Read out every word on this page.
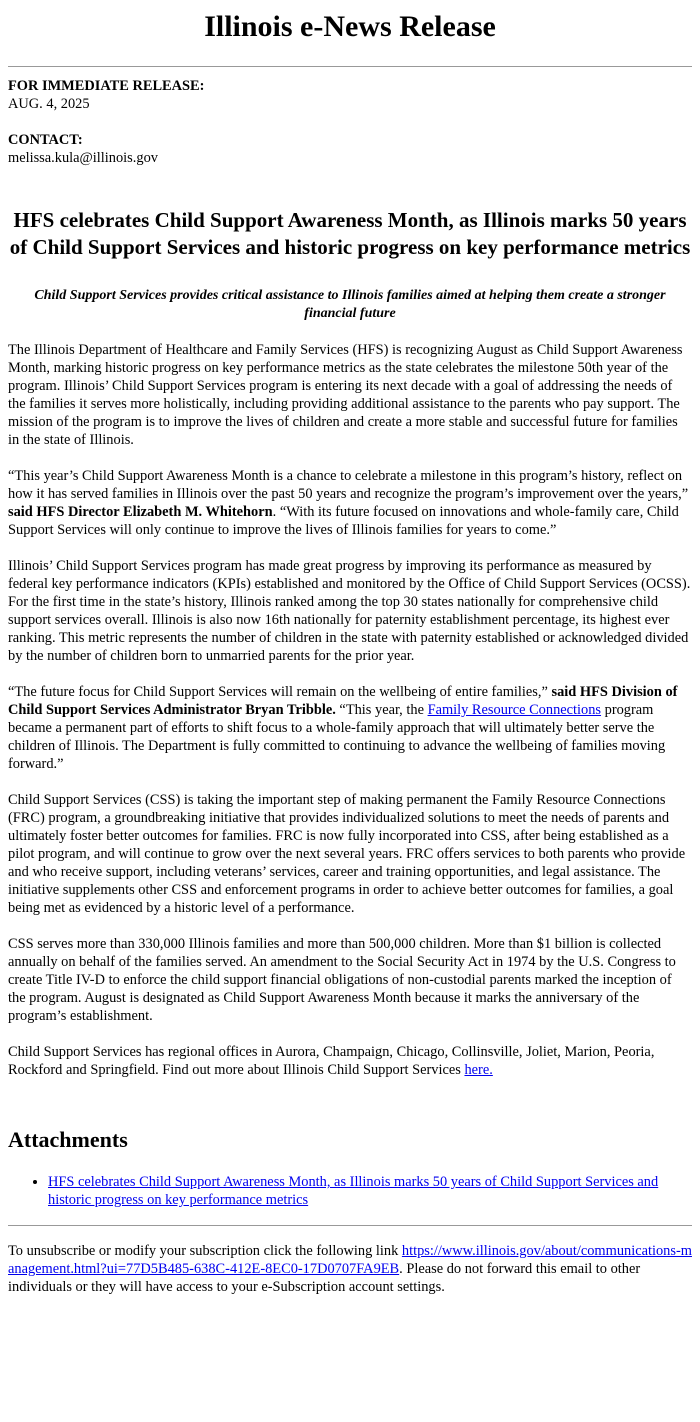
Illinois e-News Release

FOR IMMEDIATE RELEASE:

AUG. 4, 2025

CONTACT:

melissa.kula@illinois.gov

HFS celebrates Child Support Awareness Month, as Illinois marks 50 years of Child Support Services and historic progress on key performance metrics
Child Support Services provides critical assistance to Illinois families aimed at helping them create a stronger financial future

The Illinois Department of Healthcare and Family Services (HFS) is recognizing August as Child Support Awareness Month, marking historic progress on key performance metrics as the state celebrates the milestone 50th year of the program. Illinois’ Child Support Services program is entering its next decade with a goal of addressing the needs of the families it serves more holistically, including providing additional assistance to the parents who pay support. The mission of the program is to improve the lives of children and create a more stable and successful future for families in the state of Illinois.

“This year’s Child Support Awareness Month is a chance to celebrate a milestone in this program’s history, reflect on how it has served families in Illinois over the past 50 years and recognize the program’s improvement over the years,” said HFS Director Elizabeth M. Whitehorn. “With its future focused on innovations and whole-family care, Child Support Services will only continue to improve the lives of Illinois families for years to come.”

Illinois’ Child Support Services program has made great progress by improving its performance as measured by federal key performance indicators (KPIs) established and monitored by the Office of Child Support Services (OCSS). For the first time in the state’s history, Illinois ranked among the top 30 states nationally for comprehensive child support services overall. Illinois is also now 16th nationally for paternity establishment percentage, its highest ever ranking. This metric represents the number of children in the state with paternity established or acknowledged divided by the number of children born to unmarried parents for the prior year.

“The future focus for Child Support Services will remain on the wellbeing of entire families,” said HFS Division of Child Support Services Administrator Bryan Tribble. “This year, the Family Resource Connections program became a permanent part of efforts to shift focus to a whole-family approach that will ultimately better serve the children of Illinois. The Department is fully committed to continuing to advance the wellbeing of families moving forward.”

Child Support Services (CSS) is taking the important step of making permanent the Family Resource Connections (FRC) program, a groundbreaking initiative that provides individualized solutions to meet the needs of parents and ultimately foster better outcomes for families. FRC is now fully incorporated into CSS, after being established as a pilot program, and will continue to grow over the next several years. FRC offers services to both parents who provide and who receive support, including veterans’ services, career and training opportunities, and legal assistance. The initiative supplements other CSS and enforcement programs in order to achieve better outcomes for families, a goal being met as evidenced by a historic level of a performance.

CSS serves more than 330,000 Illinois families and more than 500,000 children. More than $1 billion is collected annually on behalf of the families served. An amendment to the Social Security Act in 1974 by the U.S. Congress to create Title IV-D to enforce the child support financial obligations of non-custodial parents marked the inception of the program. August is designated as Child Support Awareness Month because it marks the anniversary of the program’s establishment.

Child Support Services has regional offices in Aurora, Champaign, Chicago, Collinsville, Joliet, Marion, Peoria, Rockford and Springfield. Find out more about Illinois Child Support Services here.

Attachments
• HFS celebrates Child Support Awareness Month, as Illinois marks 50 years of Child Support Services and historic progress on key performance metrics

To unsubscribe or modify your subscription click the following link https://www.illinois.gov/about/communications-management.html?ui=77D5B485-638C-412E-8EC0-17D0707FA9EB. Please do not forward this email to other individuals or they will have access to your e-Subscription account settings.
